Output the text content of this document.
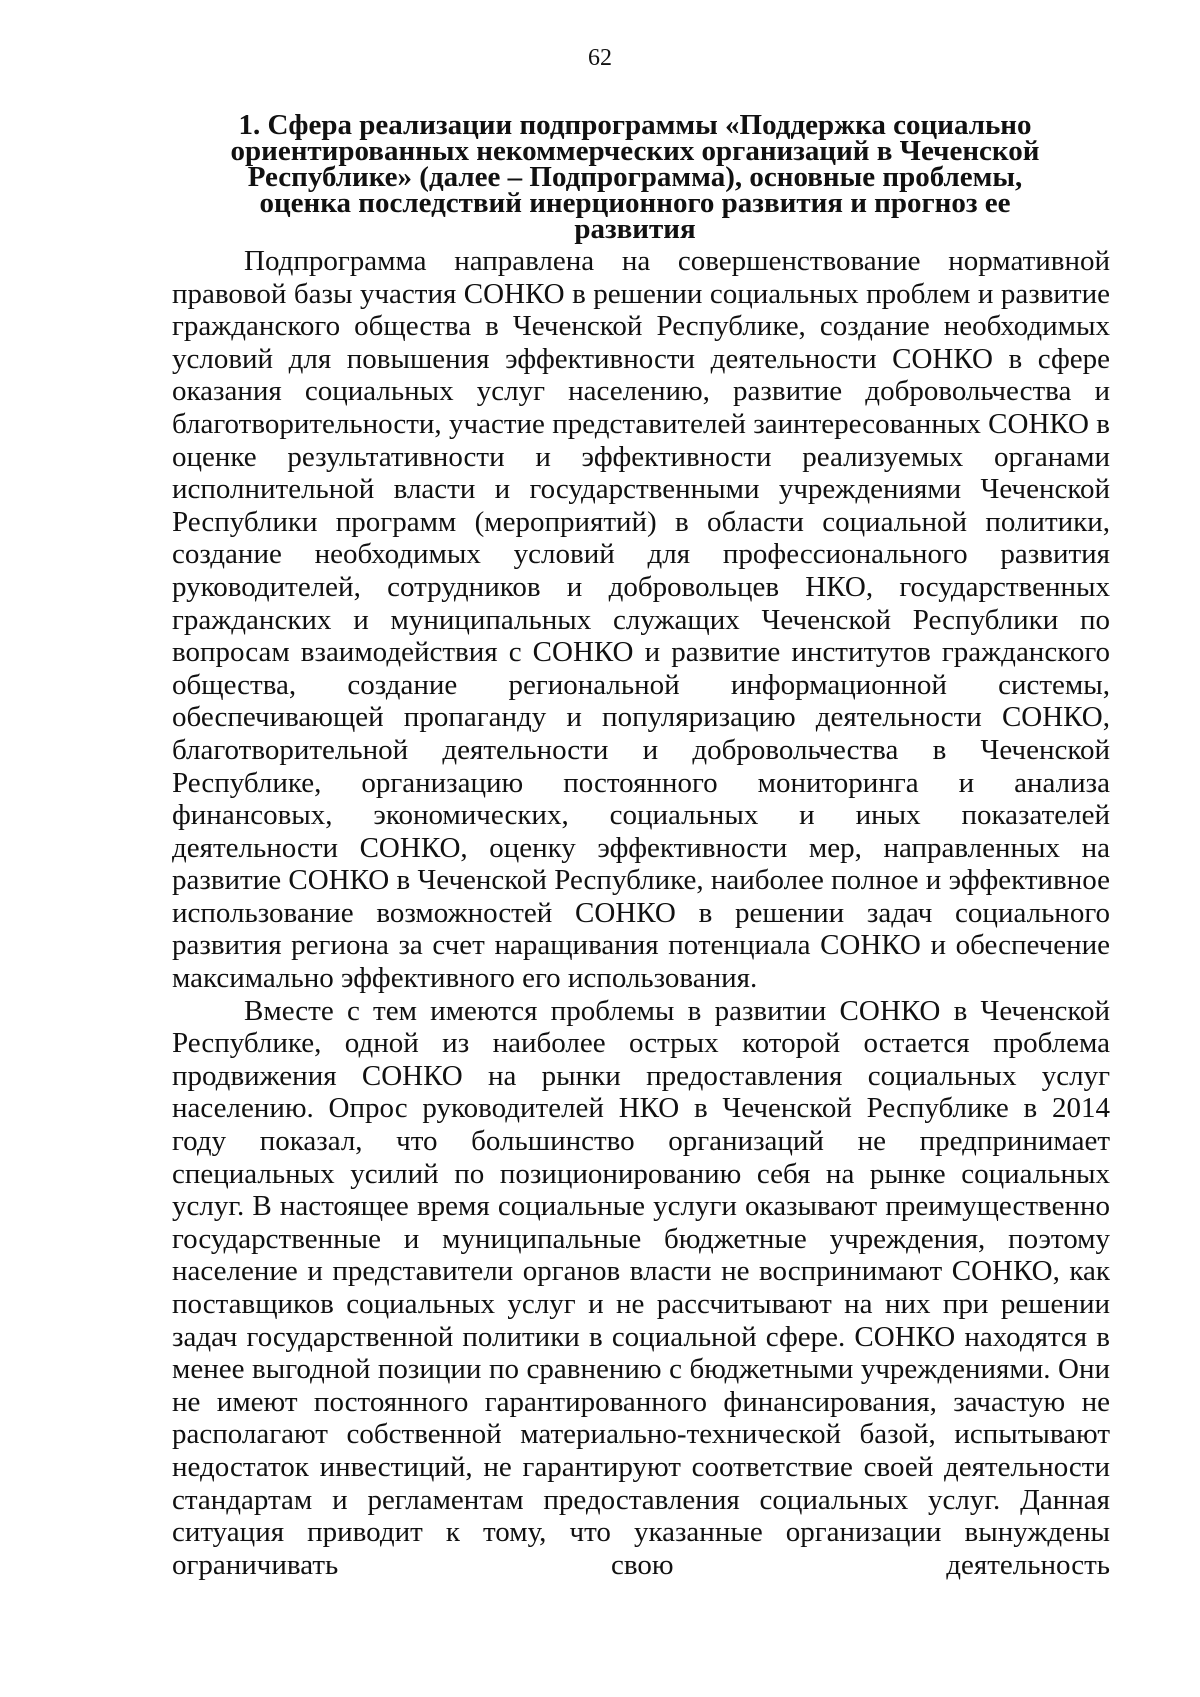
62
1. Сфера реализации подпрограммы «Поддержка социально ориентированных некоммерческих организаций в Чеченской Республике» (далее – Подпрограмма), основные проблемы, оценка последствий инерционного развития и прогноз ее развития

Подпрограмма направлена на совершенствование нормативной правовой базы участия СОНКО в решении социальных проблем и развитие гражданского общества в Чеченской Республике, создание необходимых условий для повышения эффективности деятельности СОНКО в сфере оказания социальных услуг населению, развитие добровольчества и благотворительности, участие представителей заинтересованных СОНКО в оценке результативности и эффективности реализуемых органами исполнительной власти и государственными учреждениями Чеченской Республики программ (мероприятий) в области социальной политики, создание необходимых условий для профессионального развития руководителей, сотрудников и добровольцев НКО, государственных гражданских и муниципальных служащих Чеченской Республики по вопросам взаимодействия с СОНКО и развитие институтов гражданского общества, создание региональной информационной системы, обеспечивающей пропаганду и популяризацию деятельности СОНКО, благотворительной деятельности и добровольчества в Чеченской Республике, организацию постоянного мониторинга и анализа финансовых, экономических, социальных и иных показателей деятельности СОНКО, оценку эффективности мер, направленных на развитие СОНКО в Чеченской Республике, наиболее полное и эффективное использование возможностей СОНКО в решении задач социального развития региона за счет наращивания потенциала СОНКО и обеспечение максимально эффективного его использования.

Вместе с тем имеются проблемы в развитии СОНКО в Чеченской Республике, одной из наиболее острых которой остается проблема продвижения СОНКО на рынки предоставления социальных услуг населению. Опрос руководителей НКО в Чеченской Республике в 2014 году показал, что большинство организаций не предпринимает специальных усилий по позиционированию себя на рынке социальных услуг. В настоящее время социальные услуги оказывают преимущественно государственные и муниципальные бюджетные учреждения, поэтому население и представители органов власти не воспринимают СОНКО, как поставщиков социальных услуг и не рассчитывают на них при решении задач государственной политики в социальной сфере. СОНКО находятся в менее выгодной позиции по сравнению с бюджетными учреждениями. Они не имеют постоянного гарантированного финансирования, зачастую не располагают собственной материально-технической базой, испытывают недостаток инвестиций, не гарантируют соответствие своей деятельности стандартам и регламентам предоставления социальных услуг. Данная ситуация приводит к тому, что указанные организации вынуждены ограничивать свою деятельность
